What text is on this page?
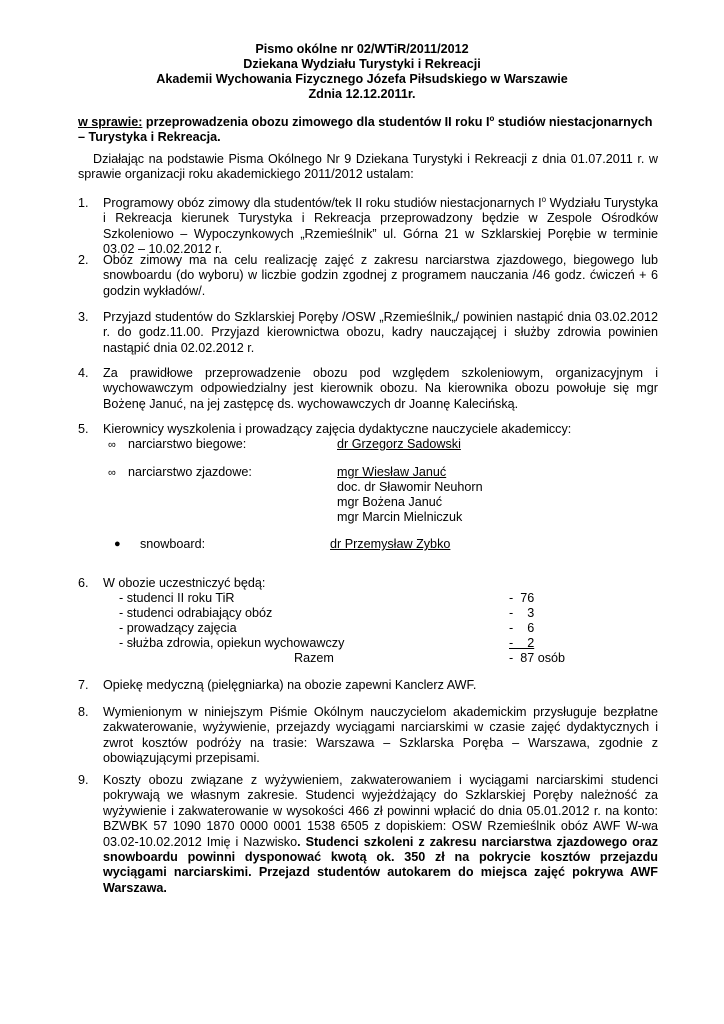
Pismo okólne nr 02/WTiR/2011/2012
Dziekana Wydziału Turystyki i Rekreacji
Akademii Wychowania Fizycznego Józefa Piłsudskiego w Warszawie
Zdnia 12.12.2011r.
w sprawie: przeprowadzenia obozu zimowego dla studentów II roku $I^o$ studiów niestacjonarnych – Turystyka i Rekreacja.
Działając na podstawie Pisma Okólnego Nr 9 Dziekana Turystyki i Rekreacji z dnia 01.07.2011 r. w sprawie organizacji roku akademickiego 2011/2012 ustalam:
1.	Programowy obóz zimowy dla studentów/tek II roku studiów niestacjonarnych $I^o$ Wydziału Turystyka i Rekreacja kierunek Turystyka i Rekreacja przeprowadzony będzie w Zespole Ośrodków Szkoleniowo – Wypoczynkowych „Rzemieślnik” ul. Górna 21 w Szklarskiej Porębie w terminie 03.02 – 10.02.2012 r.
2.	Obóz zimowy ma na celu realizację zajęć z zakresu narciarstwa zjazdowego, biegowego lub snowboardu (do wyboru) w liczbie godzin zgodnej z programem nauczania /46 godz. ćwiczeń + 6 godzin wykładów/.
3.	Przyjazd studentów do Szklarskiej Poręby /OSW „Rzemieślnik„/ powinien nastąpić dnia 03.02.2012 r. do godz.11.00. Przyjazd kierownictwa obozu, kadry nauczającej i służby zdrowia powinien nastąpić dnia 02.02.2012 r.
4.	Za prawidłowe przeprowadzenie obozu pod względem szkoleniowym, organizacyjnym i wychowawczym odpowiedzialny jest kierownik obozu. Na kierownika obozu powołuje się mgr Bożenę Januć, na jej zastępcę ds. wychowawczych dr Joannę Kalecińską.
5.	Kierownicy wyszkolenia i prowadzący zajęcia dydaktyczne nauczyciele akademiccy:
∞ narciarstwo biegowe:	dr Grzegorz Sadowski
∞ narciarstwo zjazdowe:	mgr Wiesław Januć
doc. dr Sławomir Neuhorn
mgr Bożena Januć
mgr Marcin Mielniczuk
● snowboard:	dr Przemysław Zybko
6.	W obozie uczestniczyć będą:
- studenci II roku TiR	-  76
- studenci odrabiający obóz	-    3
- prowadzący zajęcia	-    6
- służba zdrowia, opiekun wychowawczy	-    2
Razem	-  87 osób
7.	Opiekę medyczną (pielęgniarka) na obozie zapewni Kanclerz AWF.
8.	Wymienionym w niniejszym Piśmie Okólnym nauczycielom akademickim przysługuje bezpłatne zakwaterowanie, wyżywienie, przejazdy wyciągami narciarskimi w czasie zajęć dydaktycznych i zwrot kosztów podróży na trasie: Warszawa – Szklarska Poręba – Warszawa, zgodnie z obowiązującymi przepisami.
9.	Koszty obozu związane z wyżywieniem, zakwaterowaniem i wyciągami narciarskimi studenci pokrywają we własnym zakresie. Studenci wyjeżdżający do Szklarskiej Poręby należność za wyżywienie i zakwaterowanie w wysokości 466 zł powinni wpłacić do dnia 05.01.2012 r. na konto: BZWBK 57 1090 1870 0000 0001 1538 6505 z dopiskiem: OSW Rzemieślnik obóz AWF W-wa 03.02-10.02.2012 Imię i Nazwisko. Studenci szkoleni z zakresu narciarstwa zjazdowego oraz snowboardu powinni dysponować kwotą ok. 350 zł na pokrycie kosztów przejazdu wyciągami narciarskimi. Przejazd studentów autokarem do miejsca zajęć pokrywa AWF Warszawa.
